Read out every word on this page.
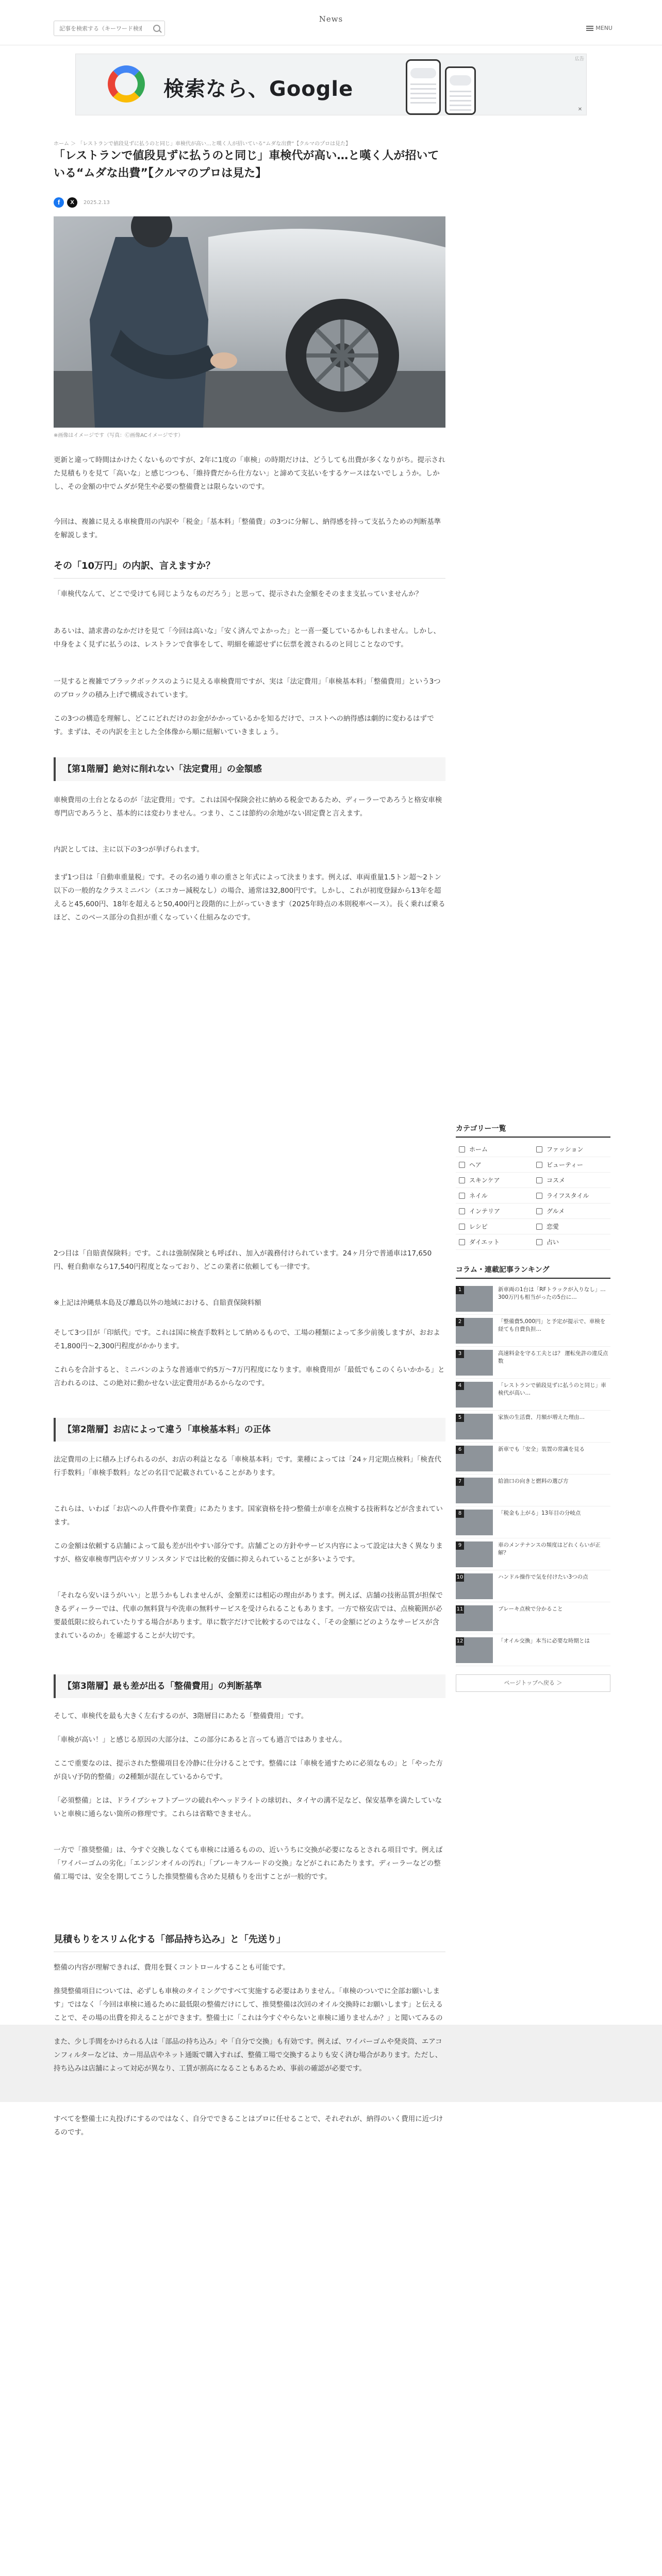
記事を検索する（キーワード検索）
News
MENU
検索なら、Google
広告
✕
ホーム ＞ 「レストランで値段見ずに払うのと同じ」車検代が高い…と嘆く人が招いている“ムダな出費”【クルマのプロは見た】
「レストランで値段見ずに払うのと同じ」車検代が高い…と嘆く人が招いている“ムダな出費”【クルマのプロは見た】
f	X	2025.2.13
※画像はイメージです（写真：Ⓒ画像ACイメージです）

更新と違って時間はかけたくないものですが、2年に1度の「車検」の時期だけは、どうしても出費が多くなりがち。提示された見積もりを見て「高いな」と感じつつも、「維持費だから仕方ない」と諦めて支払いをするケースはないでしょうか。しかし、その金額の中でムダが発生や必要の整備費とは限らないのです。

今回は、複雑に見える車検費用の内訳や「税金」「基本料」「整備費」の3つに分解し、納得感を持って支払うための判断基準を解説します。

その「10万円」の内訳、言えますか？

「車検代なんて、どこで受けても同じようなものだろう」と思って、提示された金額をそのまま支払っていませんか？

あるいは、請求書のなかだけを見て「今回は高いな」「安く済んでよかった」と一喜一憂しているかもしれません。しかし、中身をよく見ずに払うのは、レストランで食事をして、明細を確認せずに伝票を渡されるのと同じことなのです。

一見すると複雑でブラックボックスのように見える車検費用ですが、実は「法定費用」「車検基本料」「整備費用」という3つのブロックの積み上げで構成されています。

この3つの構造を理解し、どこにどれだけのお金がかかっているかを知るだけで、コストへの納得感は劇的に変わるはずです。まずは、その内訳を主とした全体像から順に紐解いていきましょう。

【第1階層】絶対に削れない「法定費用」の金額感

車検費用の土台となるのが「法定費用」です。これは国や保険会社に納める税金であるため、ディーラーであろうと格安車検専門店であろうと、基本的には変わりません。つまり、ここは節約の余地がない固定費と言えます。

内訳としては、主に以下の3つが挙げられます。

まず1つ目は「自動車重量税」です。その名の通り車の重さと年式によって決まります。例えば、車両重量1.5トン超〜2トン以下の一般的なクラスミニバン（エコカー減税なし）の場合、通常は32,800円です。しかし、これが初度登録から13年を超えると45,600円、18年を超えると50,400円と段階的に上がっていきます（2025年時点の本則税率ベース）。長く乗れば乗るほど、このベース部分の負担が重くなっていく仕組みなのです。

2つ目は「自賠責保険料」です。これは強制保険とも呼ばれ、加入が義務付けられています。24ヶ月分で普通車は17,650円、軽自動車なら17,540円程度となっており、どこの業者に依頼しても一律です。

※上記は沖縄県本島及び離島以外の地域における、自賠責保険料額

そして3つ目が「印紙代」です。これは国に検査手数料として納めるもので、工場の種類によって多少前後しますが、おおよそ1,800円〜2,300円程度がかかります。

これらを合計すると、ミニバンのような普通車で約5万〜7万円程度になります。車検費用が「最低でもこのくらいかかる」と言われるのは、この絶対に動かせない法定費用があるからなのです。

【第2階層】お店によって違う「車検基本料」の正体

法定費用の上に積み上げられるのが、お店の利益となる「車検基本料」です。業種によっては「24ヶ月定期点検料」「検査代行手数料」「車検手数料」などの名目で記載されていることがあります。

これらは、いわば「お店への人件費や作業費」にあたります。国家資格を持つ整備士が車を点検する技術料などが含まれています。

この金額は依頼する店舗によって最も差が出やすい部分です。店舗ごとの方針やサービス内容によって設定は大きく異なりますが、格安車検専門店やガソリンスタンドでは比較的安価に抑えられていることが多いようです。

「それなら安いほうがいい」と思うかもしれませんが、金額差には相応の理由があります。例えば、店舗の技術品質が担保できるディーラーでは、代車の無料貸与や洗車の無料サービスを受けられることもあります。一方で格安店では、点検範囲が必要最低限に絞られていたりする場合があります。単に数字だけで比較するのではなく、「その金額にどのようなサービスが含まれているのか」を確認することが大切です。

【第3階層】最も差が出る「整備費用」の判断基準

そして、車検代を最も大きく左右するのが、3階層目にあたる「整備費用」です。

「車検が高い！」と感じる原因の大部分は、この部分にあると言っても過言ではありません。

ここで重要なのは、提示された整備項目を冷静に仕分けることです。整備には「車検を通すために必須なもの」と「やった方が良い/予防的整備」の2種類が混在しているからです。

「必須整備」とは、ドライブシャフトブーツの破れやヘッドライトの球切れ、タイヤの溝不足など、保安基準を満たしていないと車検に通らない箇所の修理です。これらは省略できません。

一方で「推奨整備」は、今すぐ交換しなくても車検には通るものの、近いうちに交換が必要になるとされる項目です。例えば「ワイパーゴムの劣化」「エンジンオイルの汚れ」「ブレーキフルードの交換」などがこれにあたります。ディーラーなどの整備工場では、安全を期してこうした推奨整備も含めた見積もりを出すことが一般的です。

見積もりをスリム化する「部品持ち込み」と「先送り」

整備の内容が理解できれば、費用を賢くコントロールすることも可能です。

推奨整備項目については、必ずしも車検のタイミングですべて実施する必要はありません。「車検のついでに全部お願いします」ではなく「今回は車検に通るために最低限の整備だけにして、推奨整備は次回のオイル交換時にお願いします」と伝えることで、その場の出費を抑えることができます。整備士に「これは今すぐやらないと車検に通りませんか？」と聞いてみるの

また、少し手間をかけられる人は「部品の持ち込み」や「自分で交換」も有効です。例えば、ワイパーゴムや発炎筒、エアコンフィルターなどは、カー用品店やネット通販で購入すれば、整備工場で交換するよりも安く済む場合があります。ただし、持ち込みは店舗によって対応が異なり、工賃が割高になることもあるため、事前の確認が必要です。

すべてを整備士に丸投げにするのではなく、自分でできることはプロに任せることで、それぞれが、納得のいく費用に近づけるのです。

カテゴリー一覧
ホーム	ファッション
ヘア	ビューティー
スキンケア	コスメ
ネイル	ライフスタイル
インテリア	グルメ
レシピ	恋愛
ダイエット	占い
コラム・連載記事ランキング
1	新車両の1台は「RFトラックが入りなし」… 300万円も相当がったの5台に…
2	「整備費5,000円」と予定が提示で、車検を経ても自費負担…
3	高速料金を守る工夫とは？ 運転免許の違反点数
4	「レストランで値段見ずに払うのと同じ」車検代が高い…
5	家族の生活費、月額が増えた理由…
6	新車でも「安全」装置の常識を見る
7	給油口の向きと燃料の選び方
8	「税金も上がる」13年目の分岐点
9	車のメンテナンスの頻度はどれくらいが正解？
10	ハンドル操作で気を付けたい3つの点
11	ブレーキ点検で分かること
12	「オイル交換」本当に必要な時期とは
ページトップへ戻る ＞
